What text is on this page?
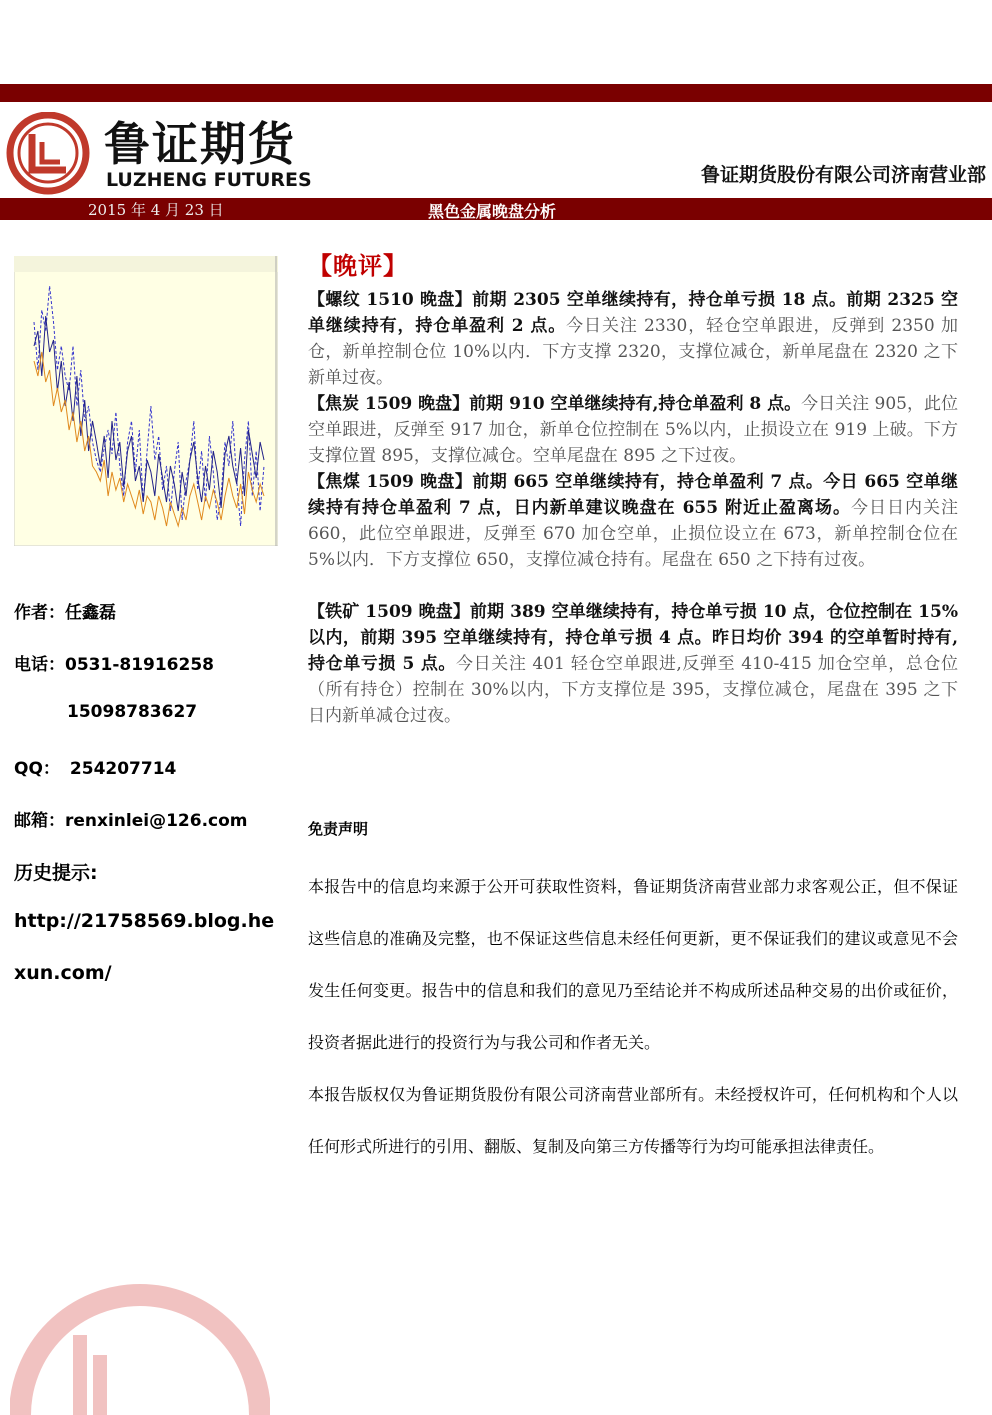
鲁证期货
LUZHENG FUTURES	鲁证期货股份有限公司济南营业部
2015 年 4 月 23 日	黑色金属晚盘分析
作者：任鑫磊
电话：0531-81916258
15098783627
QQ： 254207714
邮箱：renxinlei@126.com
历史提示:
http://21758569.blog.he
xun.com/
【晚评】

【螺纹 1510 晚盘】前期 2305 空单继续持有，持仓单亏损 18 点。前期 2325 空单继续持有，持仓单盈利 2 点。今日关注 2330，轻仓空单跟进，反弹到 2350 加仓，新单控制仓位 10%以内．下方支撑 2320，支撑位减仓，新单尾盘在 2320 之下新单过夜。

【焦炭 1509 晚盘】前期 910 空单继续持有,持仓单盈利 8 点。今日关注 905，此位空单跟进，反弹至 917 加仓，新单仓位控制在 5%以内，止损设立在 919 上破。下方支撑位置 895，支撑位减仓。空单尾盘在 895 之下过夜。

【焦煤 1509 晚盘】前期 665 空单继续持有，持仓单盈利 7 点。今日 665 空单继续持有持仓单盈利 7 点，日内新单建议晚盘在 655 附近止盈离场。今日日内关注 660，此位空单跟进，反弹至 670 加仓空单，止损位设立在 673，新单控制仓位在 5%以内．下方支撑位 650，支撑位减仓持有。尾盘在 650 之下持有过夜。

【铁矿 1509 晚盘】前期 389 空单继续持有，持仓单亏损 10 点，仓位控制在 15%以内，前期 395 空单继续持有，持仓单亏损 4 点。昨日均价 394 的空单暂时持有,持仓单亏损 5 点。今日关注 401 轻仓空单跟进,反弹至 410-415 加仓空单，总仓位（所有持仓）控制在 30%以内，下方支撑位是 395，支撑位减仓，尾盘在 395 之下日内新单减仓过夜。

免责声明

本报告中的信息均来源于公开可获取性资料，鲁证期货济南营业部力求客观公正，但不保证这些信息的准确及完整，也不保证这些信息未经任何更新，更不保证我们的建议或意见不会发生任何变更。报告中的信息和我们的意见乃至结论并不构成所述品种交易的出价或征价，投资者据此进行的投资行为与我公司和作者无关。

本报告版权仅为鲁证期货股份有限公司济南营业部所有。未经授权许可，任何机构和个人以任何形式所进行的引用、翻版、复制及向第三方传播等行为均可能承担法律责任。
